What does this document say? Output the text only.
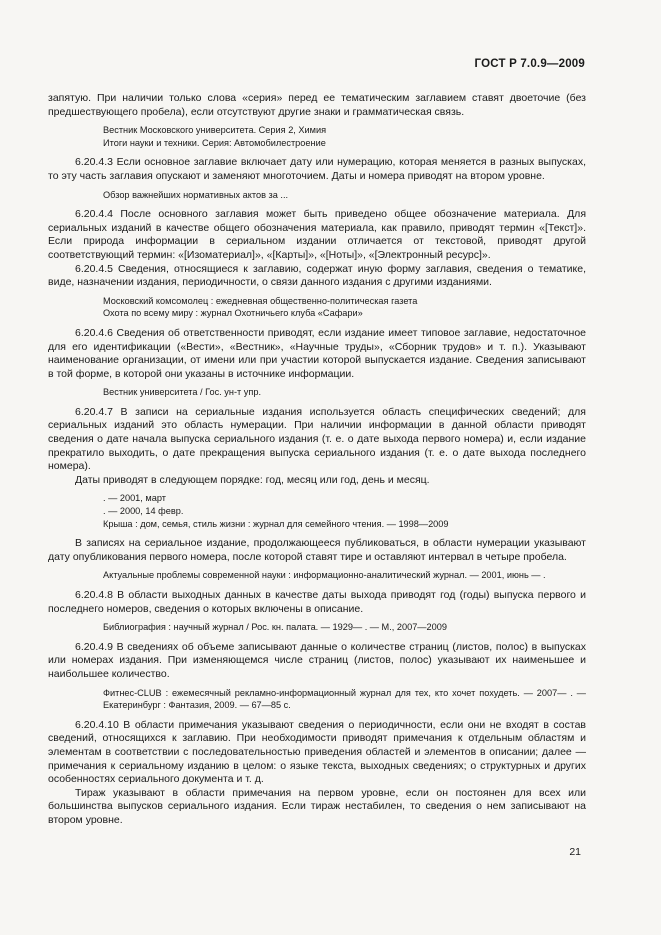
ГОСТ Р 7.0.9—2009

запятую. При наличии только слова «серия» перед ее тематическим заглавием ставят двоеточие (без предшествующего пробела), если отсутствуют другие знаки и грамматическая связь.

Вестник Московского университета. Серия 2, Химия

Итоги науки и техники. Серия: Автомобилестроение

6.20.4.3 Если основное заглавие включает дату или нумерацию, которая меняется в разных выпусках, то эту часть заглавия опускают и заменяют многоточием. Даты и номера приводят на втором уровне.

Обзор важнейших нормативных актов за ...

6.20.4.4 После основного заглавия может быть приведено общее обозначение материала. Для сериальных изданий в качестве общего обозначения материала, как правило, приводят термин «[Текст]». Если природа информации в сериальном издании отличается от текстовой, приводят другой соответствующий термин: «[Изоматериал]», «[Карты]», «[Ноты]», «[Электронный ресурс]».

6.20.4.5 Сведения, относящиеся к заглавию, содержат иную форму заглавия, сведения о тематике, виде, назначении издания, периодичности, о связи данного издания с другими изданиями.

Московский комсомолец : ежедневная общественно-политическая газета

Охота по всему миру : журнал Охотничьего клуба «Сафари»

6.20.4.6 Сведения об ответственности приводят, если издание имеет типовое заглавие, недостаточное для его идентификации («Вести», «Вестник», «Научные труды», «Сборник трудов» и т. п.). Указывают наименование организации, от имени или при участии которой выпускается издание. Сведения записывают в той форме, в которой они указаны в источнике информации.

Вестник университета / Гос. ун-т упр.

6.20.4.7 В записи на сериальные издания используется область специфических сведений; для сериальных изданий это область нумерации. При наличии информации в данной области приводят сведения о дате начала выпуска сериального издания (т. е. о дате выхода первого номера) и, если издание прекратило выходить, о дате прекращения выпуска сериального издания (т. е. о дате выхода последнего номера).

Даты приводят в следующем порядке: год, месяц или год, день и месяц.

. — 2001, март

. — 2000, 14 февр.

Крыша : дом, семья, стиль жизни : журнал для семейного чтения. — 1998—2009

В записях на сериальное издание, продолжающееся публиковаться, в области нумерации указывают дату опубликования первого номера, после которой ставят тире и оставляют интервал в четыре пробела.

Актуальные проблемы современной науки : информационно-аналитический журнал. — 2001, июнь — .

6.20.4.8 В области выходных данных в качестве даты выхода приводят год (годы) выпуска первого и последнего номеров, сведения о которых включены в описание.

Библиография : научный журнал / Рос. кн. палата. — 1929— . — М., 2007—2009

6.20.4.9 В сведениях об объеме записывают данные о количестве страниц (листов, полос) в выпусках или номерах издания. При изменяющемся числе страниц (листов, полос) указывают их наименьшее и наибольшее количество.

Фитнес-CLUB : ежемесячный рекламно-информационный журнал для тех, кто хочет похудеть. — 2007— . — Екатеринбург : Фантазия, 2009. — 67—85 с.

6.20.4.10 В области примечания указывают сведения о периодичности, если они не входят в состав сведений, относящихся к заглавию. При необходимости приводят примечания к отдельным областям и элементам в соответствии с последовательностью приведения областей и элементов в описании; далее — примечания к сериальному изданию в целом: о языке текста, выходных сведениях; о структурных и других особенностях сериального документа и т. д.

Тираж указывают в области примечания на первом уровне, если он постоянен для всех или большинства выпусков сериального издания. Если тираж нестабилен, то сведения о нем записывают на втором уровне.

21
